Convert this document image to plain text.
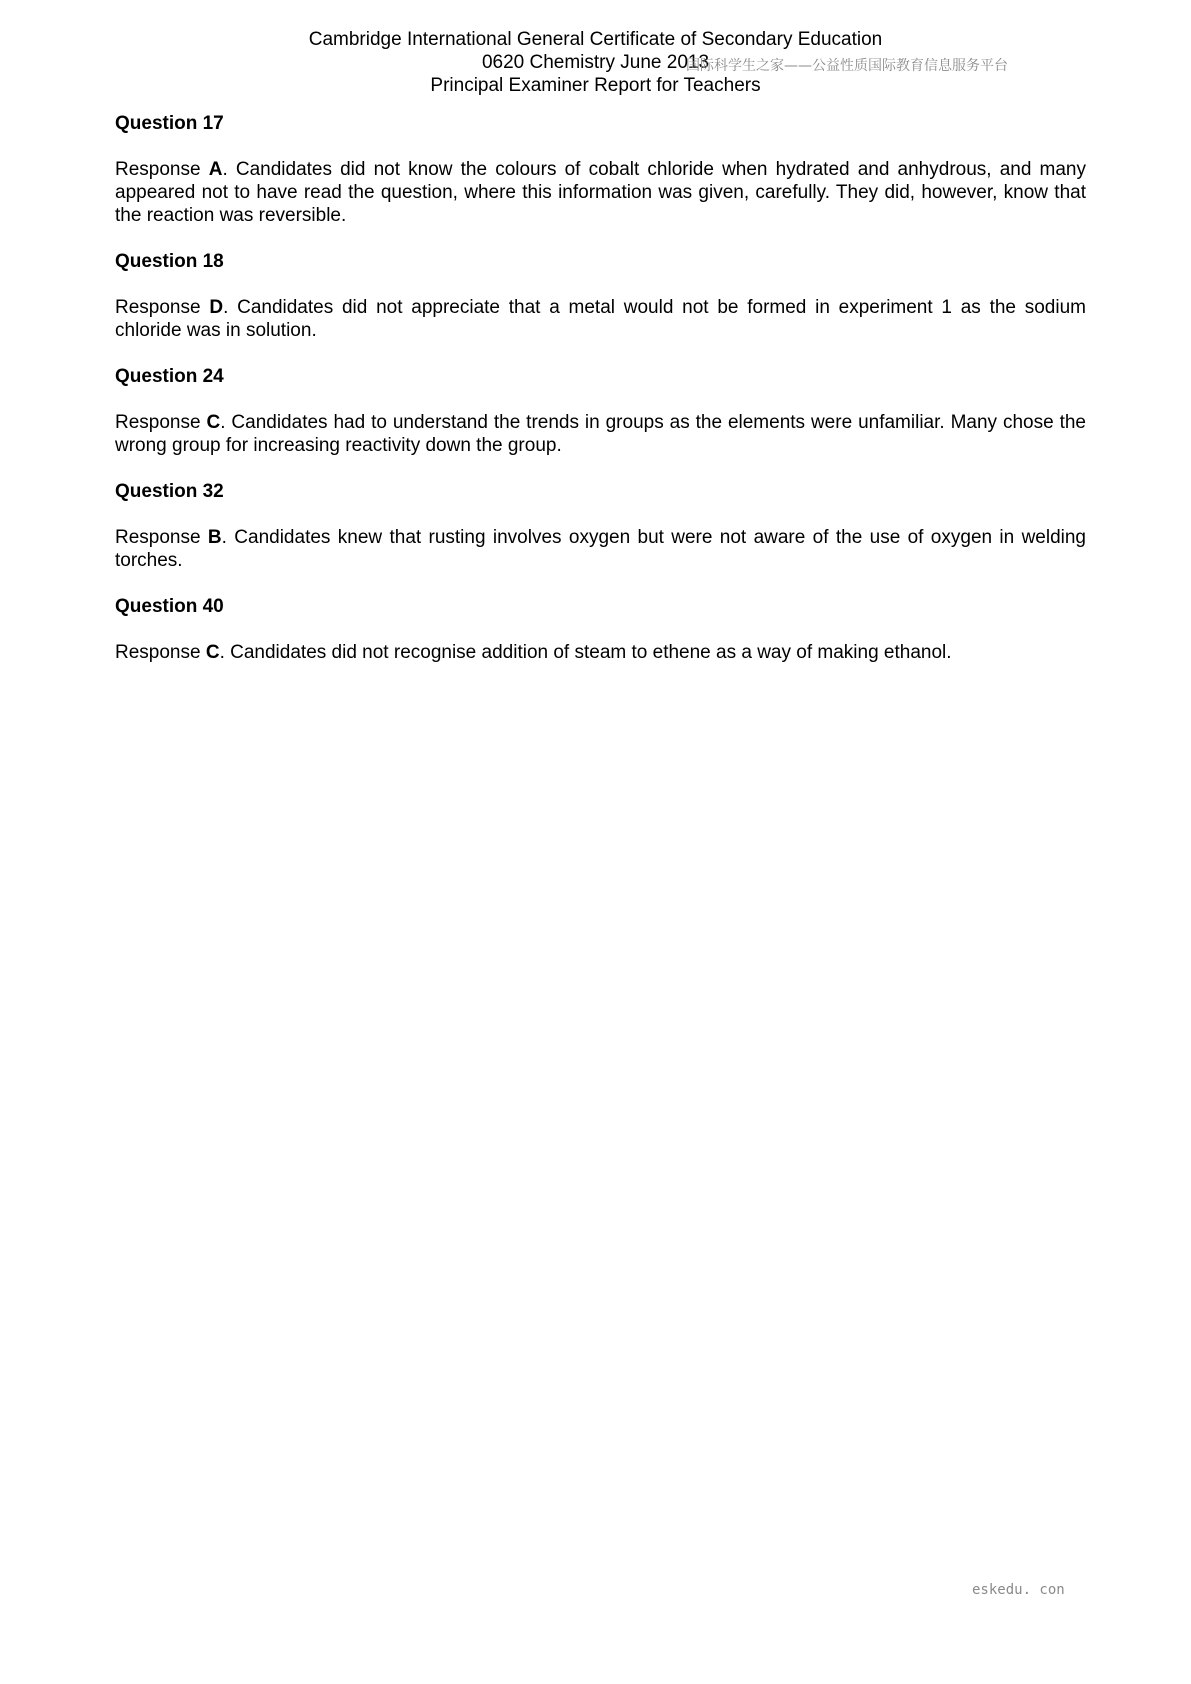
Cambridge International General Certificate of Secondary Education
0620 Chemistry June 2013
Principal Examiner Report for Teachers
国际科学生之家——公益性质国际教育信息服务平台
Question 17

Response A. Candidates did not know the colours of cobalt chloride when hydrated and anhydrous, and many appeared not to have read the question, where this information was given, carefully. They did, however, know that the reaction was reversible.

Question 18

Response D. Candidates did not appreciate that a metal would not be formed in experiment 1 as the sodium chloride was in solution.

Question 24

Response C. Candidates had to understand the trends in groups as the elements were unfamiliar. Many chose the wrong group for increasing reactivity down the group.

Question 32

Response B. Candidates knew that rusting involves oxygen but were not aware of the use of oxygen in welding torches.

Question 40

Response C. Candidates did not recognise addition of steam to ethene as a way of making ethanol.

eskedu. con
